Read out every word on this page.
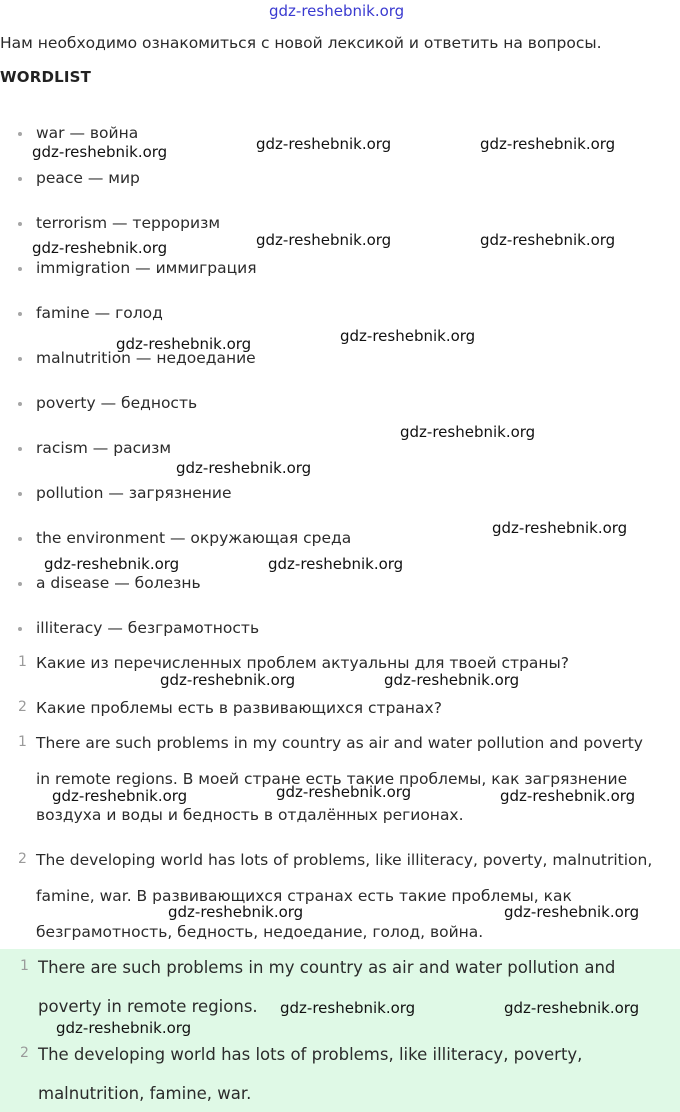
gdz-reshebnik.org
Нам необходимо ознакомиться с новой лексикой и ответить на вопросы.
WORDLIST
war — война
peace — мир
terrorism — терроризм
immigration — иммиграция
famine — голод
malnutrition — недоедание
poverty — бедность
racism — расизм
pollution — загрязнение
the environment — окружающая среда
a disease — болезнь
illiteracy — безграмотность
1 Какие из перечисленных проблем актуальны для твоей страны?
2 Какие проблемы есть в развивающихся странах?
1 There are such problems in my country as air and water pollution and poverty
in remote regions. В моей стране есть такие проблемы, как загрязнение
воздуха и воды и бедность в отдалённых регионах.
2 The developing world has lots of problems, like illiteracy, poverty, malnutrition,
famine, war. В развивающихся странах есть такие проблемы, как
безграмотность, бедность, недоедание, голод, война.
1 There are such problems in my country as air and water pollution and
poverty in remote regions.
2 The developing world has lots of problems, like illiteracy, poverty,
malnutrition, famine, war.
gdz-reshebnik.org	gdz-reshebnik.org	gdz-reshebnik.org
gdz-reshebnik.org	gdz-reshebnik.org	gdz-reshebnik.org
gdz-reshebnik.org	gdz-reshebnik.org
gdz-reshebnik.org
gdz-reshebnik.org
gdz-reshebnik.org
gdz-reshebnik.org	gdz-reshebnik.org
gdz-reshebnik.org	gdz-reshebnik.org
gdz-reshebnik.org	gdz-reshebnik.org	gdz-reshebnik.org
gdz-reshebnik.org	gdz-reshebnik.org
gdz-reshebnik.org	gdz-reshebnik.org
gdz-reshebnik.org
